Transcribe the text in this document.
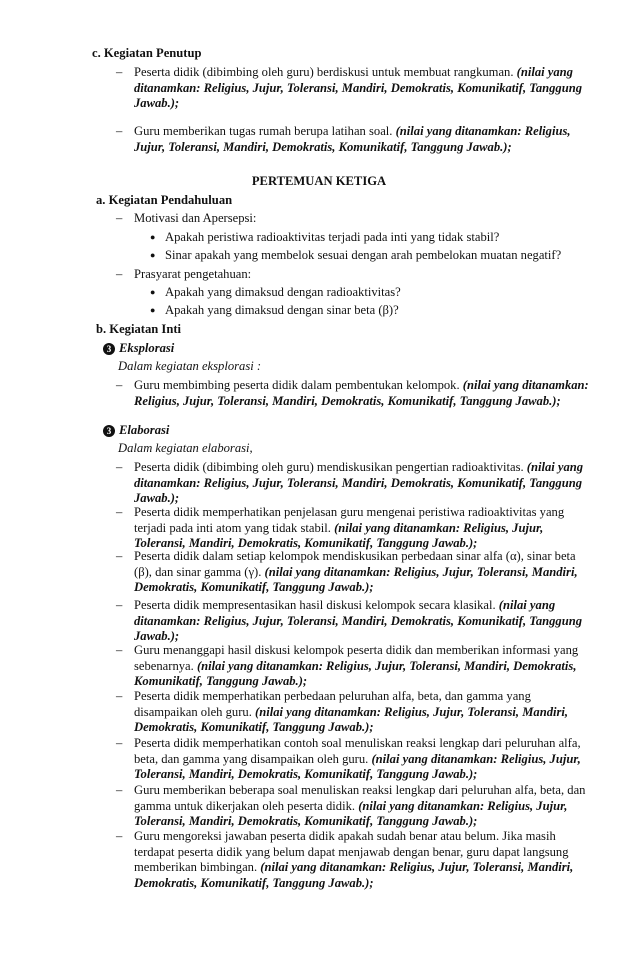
c. Kegiatan Penutup
– Peserta didik (dibimbing oleh guru) berdiskusi untuk membuat rangkuman. (nilai yang ditanamkan: Religius, Jujur, Toleransi, Mandiri, Demokratis, Komunikatif, Tanggung Jawab.);
– Guru memberikan tugas rumah berupa latihan soal. (nilai yang ditanamkan: Religius, Jujur, Toleransi, Mandiri, Demokratis, Komunikatif, Tanggung Jawab.);
PERTEMUAN KETIGA
a. Kegiatan Pendahuluan
– Motivasi dan Apersepsi:
● Apakah peristiwa radioaktivitas terjadi pada inti yang tidak stabil?
● Sinar apakah yang membelok sesuai dengan arah pembelokan muatan negatif?
– Prasyarat pengetahuan:
● Apakah yang dimaksud dengan radioaktivitas?
● Apakah yang dimaksud dengan sinar beta (β)?
b. Kegiatan Inti
3 Eksplorasi
Dalam kegiatan eksplorasi :
– Guru membimbing peserta didik dalam pembentukan kelompok. (nilai yang ditanamkan: Religius, Jujur, Toleransi, Mandiri, Demokratis, Komunikatif, Tanggung Jawab.);
3 Elaborasi
Dalam kegiatan elaborasi,
– Peserta didik (dibimbing oleh guru) mendiskusikan pengertian radioaktivitas. (nilai yang ditanamkan: Religius, Jujur, Toleransi, Mandiri, Demokratis, Komunikatif, Tanggung Jawab.);
– Peserta didik memperhatikan penjelasan guru mengenai peristiwa radioaktivitas yang terjadi pada inti atom yang tidak stabil. (nilai yang ditanamkan: Religius, Jujur, Toleransi, Mandiri, Demokratis, Komunikatif, Tanggung Jawab.);
– Peserta didik dalam setiap kelompok mendiskusikan perbedaan sinar alfa (α), sinar beta (β), dan sinar gamma (γ). (nilai yang ditanamkan: Religius, Jujur, Toleransi, Mandiri, Demokratis, Komunikatif, Tanggung Jawab.);
– Peserta didik mempresentasikan hasil diskusi kelompok secara klasikal. (nilai yang ditanamkan: Religius, Jujur, Toleransi, Mandiri, Demokratis, Komunikatif, Tanggung Jawab.);
– Guru menanggapi hasil diskusi kelompok peserta didik dan memberikan informasi yang sebenarnya. (nilai yang ditanamkan: Religius, Jujur, Toleransi, Mandiri, Demokratis, Komunikatif, Tanggung Jawab.);
– Peserta didik memperhatikan perbedaan peluruhan alfa, beta, dan gamma yang disampaikan oleh guru. (nilai yang ditanamkan: Religius, Jujur, Toleransi, Mandiri, Demokratis, Komunikatif, Tanggung Jawab.);
– Peserta didik memperhatikan contoh soal menuliskan reaksi lengkap dari peluruhan alfa, beta, dan gamma yang disampaikan oleh guru. (nilai yang ditanamkan: Religius, Jujur, Toleransi, Mandiri, Demokratis, Komunikatif, Tanggung Jawab.);
– Guru memberikan beberapa soal menuliskan reaksi lengkap dari peluruhan alfa, beta, dan gamma untuk dikerjakan oleh peserta didik. (nilai yang ditanamkan: Religius, Jujur, Toleransi, Mandiri, Demokratis, Komunikatif, Tanggung Jawab.);
– Guru mengoreksi jawaban peserta didik apakah sudah benar atau belum. Jika masih terdapat peserta didik yang belum dapat menjawab dengan benar, guru dapat langsung memberikan bimbingan. (nilai yang ditanamkan: Religius, Jujur, Toleransi, Mandiri, Demokratis, Komunikatif, Tanggung Jawab.);
